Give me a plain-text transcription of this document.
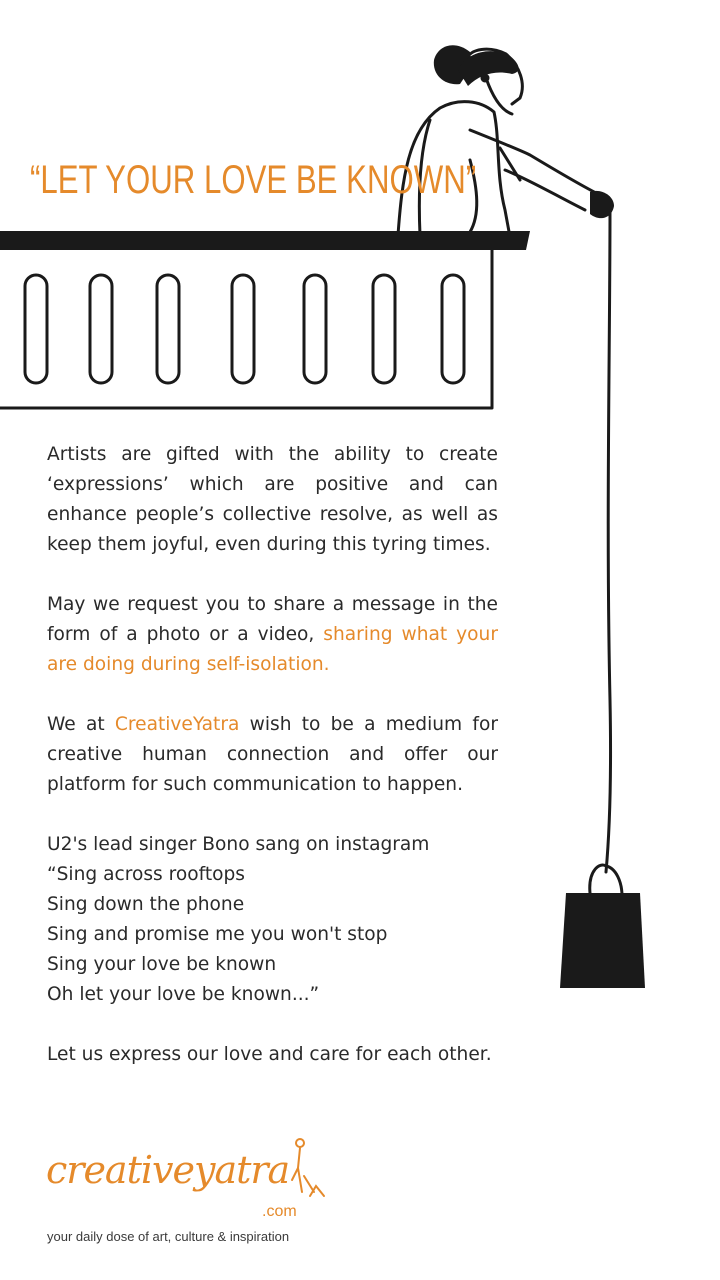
“LET YOUR LOVE BE KNOWN”

Artists are gifted with the ability to create ‘expressions’ which are positive and can enhance people’s collective resolve, as well as keep them joyful, even during this tyring times.

May we request you to share a message in the form of a photo or a video, sharing what your are doing during self-isolation.

We at CreativeYatra wish to be a medium for creative human connection and offer our platform for such communication to happen.

U2's lead singer Bono sang on instagram

“Sing across rooftops

Sing down the phone

Sing and promise me you won't stop

Sing your love be known

Oh let your love be known...”

Let us express our love and care for each other.

creativeyatra
.com
your daily dose of art, culture & inspiration
